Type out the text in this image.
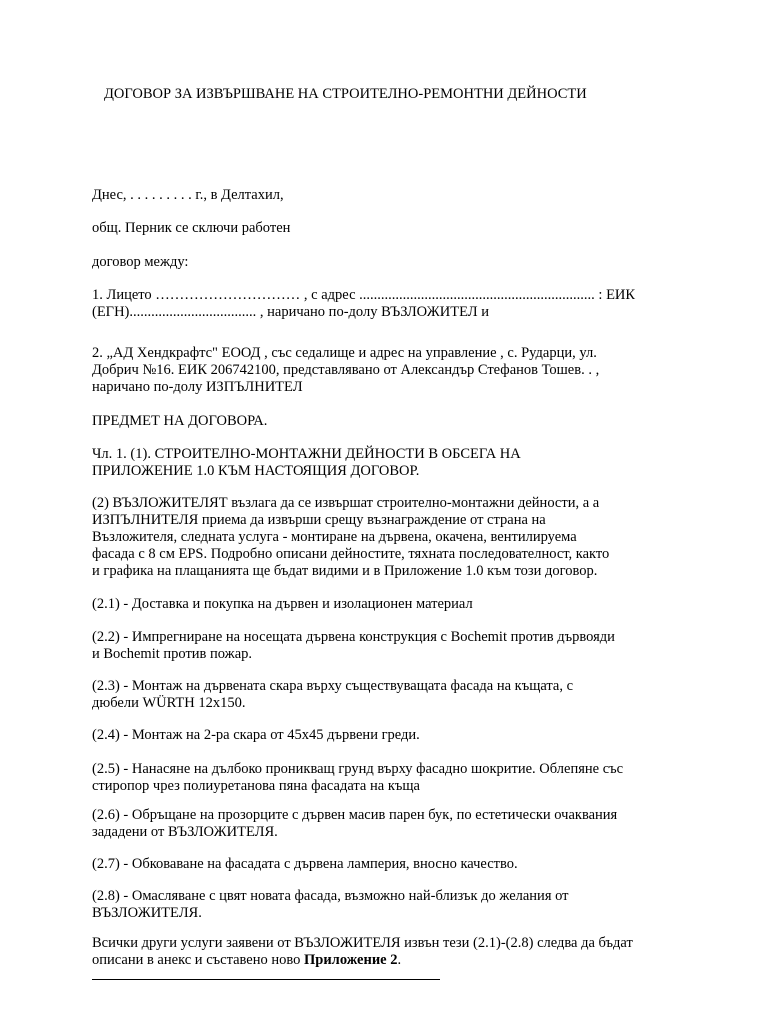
ДОГОВОР ЗА ИЗВЪРШВАНЕ НА СТРОИТЕЛНО-РЕМОНТНИ ДЕЙНОСТИ
Днес, . . . . . . . . . г., в Делтахил,
общ. Перник се сключи работен
договор между:
1. Лицето ………………………… , с адрес ................................................................. : ЕИК
(ЕГН)................................... , наричано по-долу ВЪЗЛОЖИТЕЛ и
2. „АД Хендкрафтс" ЕООД , със седалище и адрес на управление , с. Рударци, ул.
Добрич №16. ЕИК 206742100, представлявано от Александър Стефанов Тошев. . ,
наричано по-долу ИЗПЪЛНИТЕЛ
ПРЕДМЕТ НА ДОГОВОРА.
Чл. 1. (1). СТРОИТЕЛНО-МОНТАЖНИ ДЕЙНОСТИ В ОБСЕГА НА
ПРИЛОЖЕНИЕ 1.0 КЪМ НАСТОЯЩИЯ ДОГОВОР.
(2) ВЪЗЛОЖИТЕЛЯТ възлага да се извършат строително-монтажни дейности, а а
ИЗПЪЛНИТЕЛЯ приема да извърши срещу възнаграждение от страна на
Възложителя, следната услуга - монтиране на дървена, окачена, вентилируема
фасада с 8 см EPS. Подробно описани дейностите, тяхната последователност, както
и графика на плащанията ще бъдат видими и в Приложение 1.0 към този договор.
(2.1) - Доставка и покупка на дървен и изолационен материал
(2.2) - Импрегниране на носещата дървена конструкция с Bochemit против дървояди
и Bochemit против пожар.
(2.3) - Монтаж на дървената скара върху съществуващата фасада на къщата, с
дюбели WÜRTH 12x150.
(2.4) - Монтаж на 2-ра скара от 45х45 дървени греди.
(2.5) - Нанасяне на дълбоко проникващ грунд върху фасадно шокритие. Облепяне със
стиропор чрез полиуретанова пяна фасадата на къща
(2.6) - Обръщане на прозорците с дървен масив парен бук, по естетически очаквания
зададени от ВЪЗЛОЖИТЕЛЯ.
(2.7) - Обковаване на фасадата с дървена ламперия, вносно качество.
(2.8) - Омасляване с цвят новата фасада, възможно най-близък до желания от
ВЪЗЛОЖИТЕЛЯ.
Всички други услуги заявени от ВЪЗЛОЖИТЕЛЯ извън тези (2.1)-(2.8) следва да бъдат
описани в анекс и съставено ново Приложение 2.
